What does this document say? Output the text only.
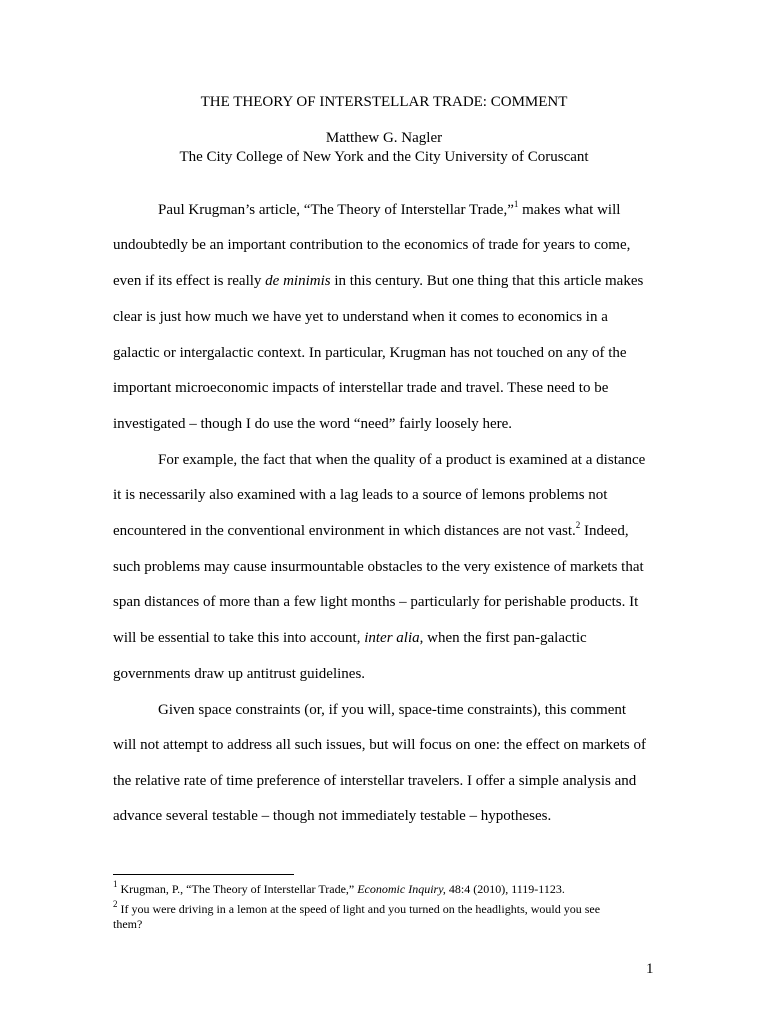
THE THEORY OF INTERSTELLAR TRADE: COMMENT
Matthew G. Nagler
The City College of New York and the City University of Coruscant
Paul Krugman’s article, “The Theory of Interstellar Trade,”$^1$ makes what will
undoubtedly be an important contribution to the economics of trade for years to come,
even if its effect is really de minimis in this century. But one thing that this article makes
clear is just how much we have yet to understand when it comes to economics in a
galactic or intergalactic context. In particular, Krugman has not touched on any of the
important microeconomic impacts of interstellar trade and travel. These need to be
investigated – though I do use the word “need” fairly loosely here.
For example, the fact that when the quality of a product is examined at a distance
it is necessarily also examined with a lag leads to a source of lemons problems not
encountered in the conventional environment in which distances are not vast.$^2$ Indeed,
such problems may cause insurmountable obstacles to the very existence of markets that
span distances of more than a few light months – particularly for perishable products. It
will be essential to take this into account, inter alia, when the first pan-galactic
governments draw up antitrust guidelines.
Given space constraints (or, if you will, space-time constraints), this comment
will not attempt to address all such issues, but will focus on one: the effect on markets of
the relative rate of time preference of interstellar travelers. I offer a simple analysis and
advance several testable – though not immediately testable – hypotheses.
$^1$ Krugman, P., “The Theory of Interstellar Trade,” Economic Inquiry, 48:4 (2010), 1119-1123.
$^2$ If you were driving in a lemon at the speed of light and you turned on the headlights, would you see
them?
1
